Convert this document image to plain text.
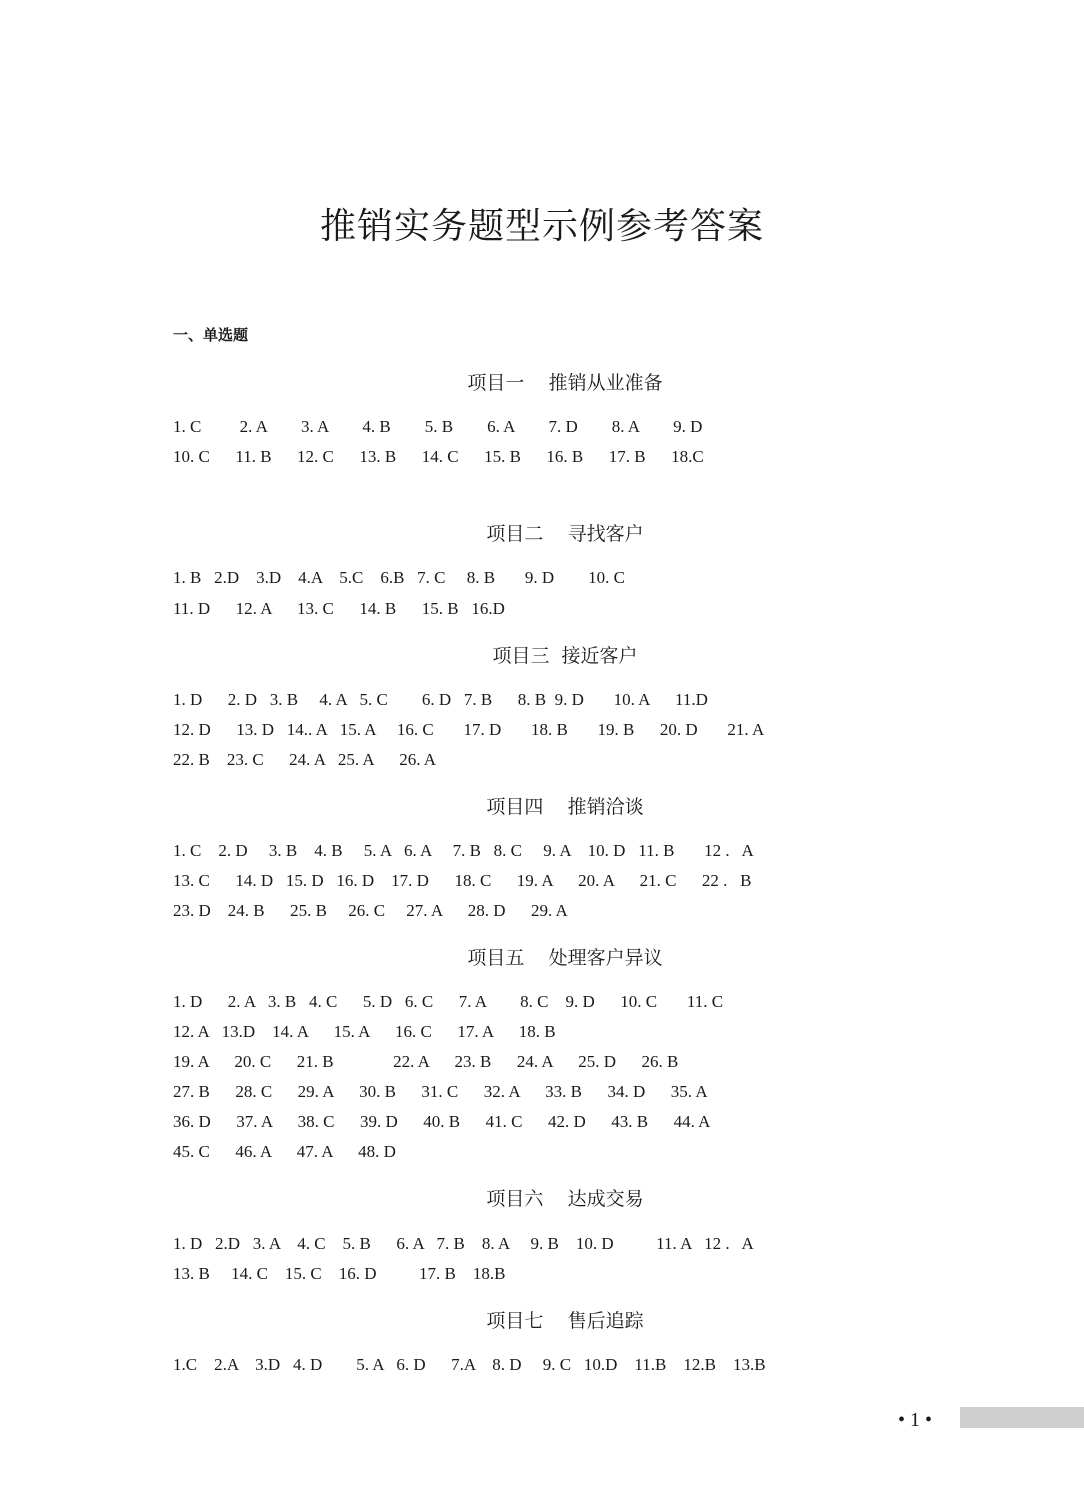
推销实务题型示例参考答案
一、单选题
项目一    推销从业准备

1. C         2. A        3. A        4. B        5. B        6. A        7. D        8. A        9. D

10. C      11. B      12. C      13. B      14. C      15. B      16. B      17. B      18.C

项目二    寻找客户

1. B   2.D    3.D    4.A    5.C    6.B   7. C     8. B       9. D        10. C

11. D      12. A      13. C      14. B      15. B   16.D

项目三  接近客户

1. D      2. D   3. B     4. A   5. C        6. D   7. B      8. B  9. D       10. A      11.D

12. D      13. D   14.. A   15. A     16. C       17. D       18. B       19. B      20. D       21. A

22. B    23. C      24. A   25. A      26. A

项目四    推销洽谈

1. C    2. D     3. B    4. B     5. A   6. A     7. B   8. C     9. A    10. D   11. B       12 .   A

13. C      14. D   15. D   16. D    17. D      18. C      19. A      20. A      21. C      22 .   B

23. D    24. B      25. B     26. C     27. A      28. D      29. A

项目五    处理客户异议

1. D      2. A   3. B   4. C      5. D   6. C      7. A        8. C    9. D      10. C       11. C

12. A   13.D    14. A      15. A      16. C      17. A      18. B

19. A      20. C      21. B              22. A      23. B      24. A      25. D      26. B

27. B      28. C      29. A      30. B      31. C      32. A      33. B      34. D      35. A

36. D      37. A      38. C      39. D      40. B      41. C      42. D      43. B      44. A

45. C      46. A      47. A      48. D

项目六    达成交易

1. D   2.D   3. A    4. C    5. B      6. A   7. B    8. A     9. B    10. D          11. A   12 .   A

13. B     14. C    15. C    16. D          17. B    18.B

项目七    售后追踪

1.C    2.A    3.D   4. D        5. A   6. D      7.A    8. D     9. C   10.D    11.B    12.B    13.B

• 1 •
